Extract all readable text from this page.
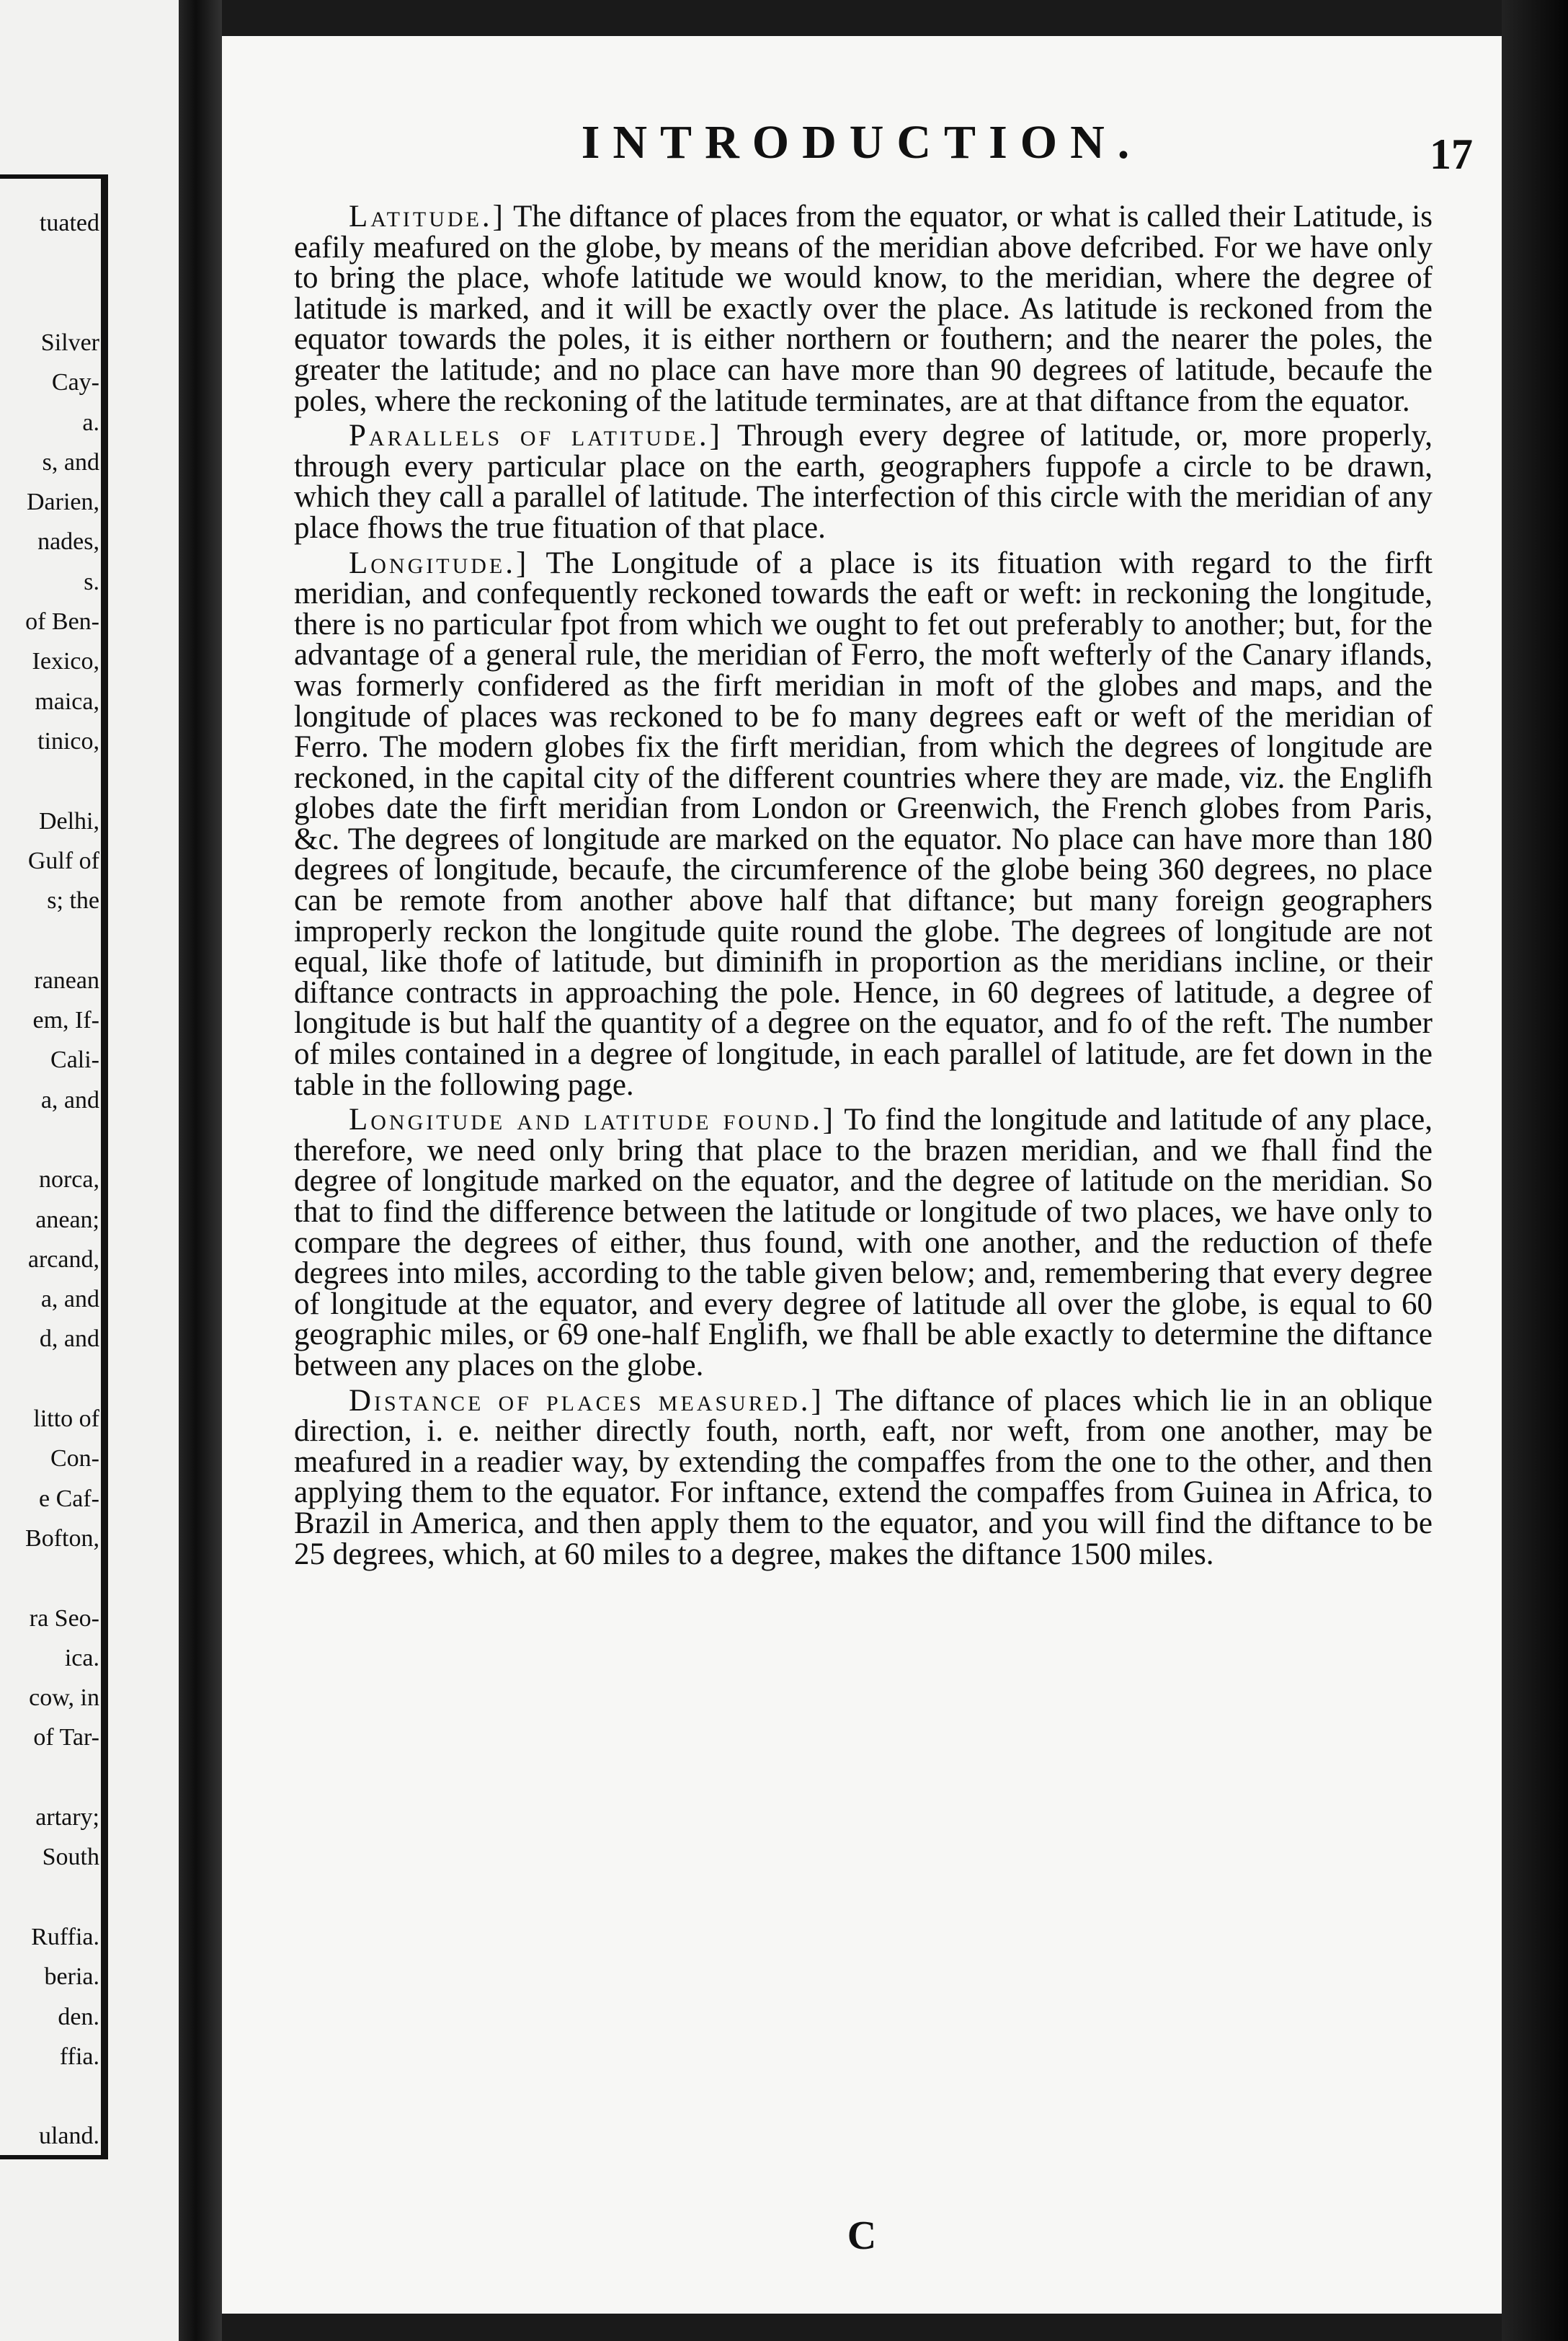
tuated
Silver
Cay-
a.
s, and
Darien,
nades,
s.
of Ben-
Iexico,
maica,
tinico,
Delhi,
Gulf of
s; the
ranean
em, If-
Cali-
a, and
norca,
anean;
arcand,
a, and
d, and
litto of
Con-
e Caf-
Bofton,
ra Seo-
ica.
cow, in
of Tar-
artary;
South
Ruffia.
beria.
den.
ffia.
uland.
INTRODUCTION.	17

Latitude.] The diftance of places from the equator, or what is called their Latitude, is eafily meafured on the globe, by means of the meridian above defcribed. For we have only to bring the place, whofe latitude we would know, to the meridian, where the degree of latitude is marked, and it will be exactly over the place. As latitude is reckoned from the equator towards the poles, it is either northern or fouthern; and the nearer the poles, the greater the latitude; and no place can have more than 90 degrees of latitude, becaufe the poles, where the reckoning of the latitude terminates, are at that diftance from the equator.

Parallels of latitude.] Through every degree of latitude, or, more properly, through every particular place on the earth, geographers fuppofe a circle to be drawn, which they call a parallel of latitude. The interfection of this circle with the meridian of any place fhows the true fituation of that place.

Longitude.] The Longitude of a place is its fituation with regard to the firft meridian, and confequently reckoned towards the eaft or weft: in reckoning the longitude, there is no particular fpot from which we ought to fet out preferably to another; but, for the advantage of a general rule, the meridian of Ferro, the moft wefterly of the Canary iflands, was formerly confidered as the firft meridian in moft of the globes and maps, and the longitude of places was reckoned to be fo many degrees eaft or weft of the meridian of Ferro. The modern globes fix the firft meridian, from which the degrees of longitude are reckoned, in the capital city of the different countries where they are made, viz. the Englifh globes date the firft meridian from London or Greenwich, the French globes from Paris, &c. The degrees of longitude are marked on the equator. No place can have more than 180 degrees of longitude, becaufe, the circumference of the globe being 360 degrees, no place can be remote from another above half that diftance; but many foreign geographers improperly reckon the longitude quite round the globe. The degrees of longitude are not equal, like thofe of latitude, but diminifh in proportion as the meridians incline, or their diftance contracts in approaching the pole. Hence, in 60 degrees of latitude, a degree of longitude is but half the quantity of a degree on the equator, and fo of the reft. The number of miles contained in a degree of longitude, in each parallel of latitude, are fet down in the table in the following page.

Longitude and latitude found.] To find the longitude and latitude of any place, therefore, we need only bring that place to the brazen meridian, and we fhall find the degree of longitude marked on the equator, and the degree of latitude on the meridian. So that to find the difference between the latitude or longitude of two places, we have only to compare the degrees of either, thus found, with one another, and the reduction of thefe degrees into miles, according to the table given below; and, remembering that every degree of longitude at the equator, and every degree of latitude all over the globe, is equal to 60 geographic miles, or 69 one-half Englifh, we fhall be able exactly to determine the diftance between any places on the globe.

Distance of places measured.] The diftance of places which lie in an oblique direction, i. e. neither directly fouth, north, eaft, nor weft, from one another, may be meafured in a readier way, by extending the compaffes from the one to the other, and then applying them to the equator. For inftance, extend the compaffes from Guinea in Africa, to Brazil in America, and then apply them to the equator, and you will find the diftance to be 25 degrees, which, at 60 miles to a degree, makes the diftance 1500 miles.

C
